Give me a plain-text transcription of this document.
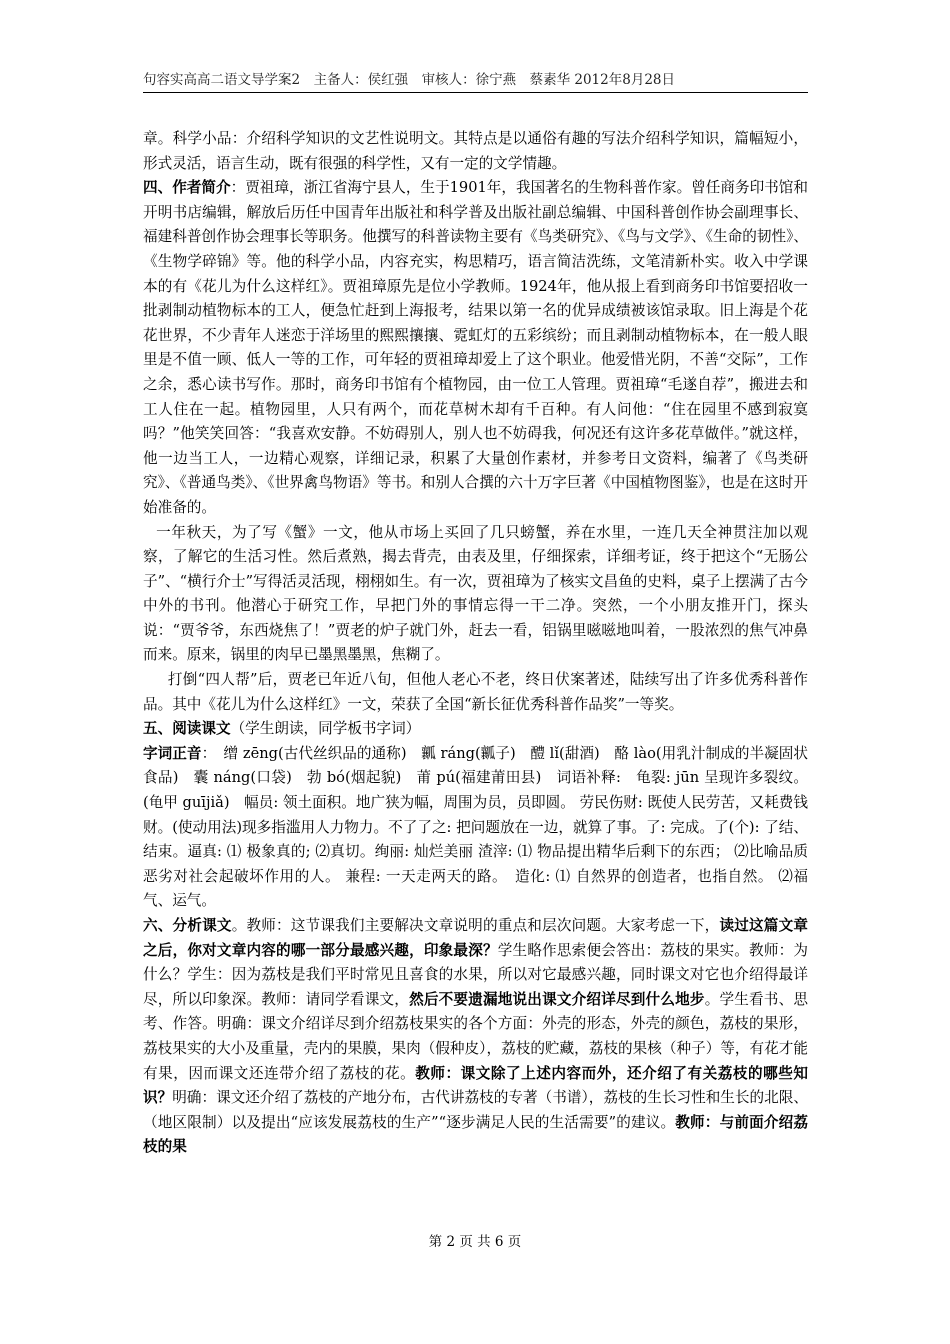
句容实高高二语文导学案2　主备人：侯红强　审核人：徐宁燕　蔡素华 2012年8月28日

章。科学小品：介绍科学知识的文艺性说明文。其特点是以通俗有趣的写法介绍科学知识，篇幅短小，形式灵活，语言生动，既有很强的科学性，又有一定的文学情趣。

四、作者简介：贾祖璋，浙江省海宁县人，生于1901年，我国著名的生物科普作家。曾任商务印书馆和开明书店编辑，解放后历任中国青年出版社和科学普及出版社副总编辑、中国科普创作协会副理事长、福建科普创作协会理事长等职务。他撰写的科普读物主要有《鸟类研究》、《鸟与文学》、《生命的韧性》、《生物学碎锦》等。他的科学小品，内容充实，构思精巧，语言简洁洗练，文笔清新朴实。收入中学课本的有《花儿为什么这样红》。贾祖璋原先是位小学教师。1924年，他从报上看到商务印书馆要招收一批剥制动植物标本的工人，便急忙赶到上海报考，结果以第一名的优异成绩被该馆录取。旧上海是个花花世界，不少青年人迷恋于洋场里的熙熙攘攘、霓虹灯的五彩缤纷；而且剥制动植物标本，在一般人眼里是不值一顾、低人一等的工作，可年轻的贾祖璋却爱上了这个职业。他爱惜光阴，不善“交际”，工作之余，悉心读书写作。那时，商务印书馆有个植物园，由一位工人管理。贾祖璋“毛遂自荐”，搬进去和工人住在一起。植物园里，人只有两个，而花草树木却有千百种。有人问他：“住在园里不感到寂寞吗？”他笑笑回答：“我喜欢安静。不妨碍别人，别人也不妨碍我，何况还有这许多花草做伴。”就这样，他一边当工人，一边精心观察，详细记录，积累了大量创作素材，并参考日文资料，编著了《鸟类研究》、《普通鸟类》、《世界禽鸟物语》等书。和别人合撰的六十万字巨著《中国植物图鉴》，也是在这时开始准备的。

一年秋天，为了写《蟹》一文，他从市场上买回了几只螃蟹，养在水里，一连几天全神贯注加以观察，了解它的生活习性。然后煮熟，揭去背壳，由表及里，仔细探索，详细考证，终于把这个“无肠公子”、“横行介士”写得活灵活现，栩栩如生。有一次，贾祖璋为了核实文昌鱼的史料，桌子上摆满了古今中外的书刊。他潜心于研究工作，早把门外的事情忘得一干二净。突然，一个小朋友推开门，探头说：“贾爷爷，东西烧焦了！”贾老的炉子就门外，赶去一看，铝锅里嗞嗞地叫着，一股浓烈的焦气冲鼻而来。原来，锅里的肉早已墨黑墨黑，焦糊了。

打倒“四人帮”后，贾老已年近八旬，但他人老心不老，终日伏案著述，陆续写出了许多优秀科普作品。其中《花儿为什么这样红》一文，荣获了全国“新长征优秀科普作品奖”一等奖。

五、阅读课文（学生朗读，同学板书字词）

字词正音：　缯 zēng(古代丝织品的通称)　瓤 ráng(瓤子)　醴 lǐ(甜酒)　酪 lào(用乳汁制成的半凝固状食品)　囊 náng(口袋)　勃 bó(烟起貌)　莆 pú(福建莆田县)　词语补释:　龟裂: jūn 呈现许多裂纹。(龟甲 guījiǎ)　幅员: 领土面积。地广狭为幅，周围为员，员即圆。 劳民伤财: 既使人民劳苦，又耗费钱财。(使动用法)现多指滥用人力物力。不了了之: 把问题放在一边，就算了事。了: 完成。了(个): 了结、结束。逼真: ⑴ 极象真的; ⑵真切。绚丽: 灿烂美丽 渣滓: ⑴ 物品提出精华后剩下的东西； ⑵比喻品质恶劣对社会起破坏作用的人。 兼程: 一天走两天的路。　造化: ⑴ 自然界的创造者，也指自然。 ⑵福气、运气。

六、分析课文。教师：这节课我们主要解决文章说明的重点和层次问题。大家考虑一下，读过这篇文章之后，你对文章内容的哪一部分最感兴趣，印象最深？学生略作思索便会答出：荔枝的果实。教师：为什么？学生：因为荔枝是我们平时常见且喜食的水果，所以对它最感兴趣，同时课文对它也介绍得最详尽，所以印象深。教师：请同学看课文，然后不要遗漏地说出课文介绍详尽到什么地步。学生看书、思考、作答。明确：课文介绍详尽到介绍荔枝果实的各个方面：外壳的形态，外壳的颜色，荔枝的果形，荔枝果实的大小及重量，壳内的果膜，果肉（假种皮），荔枝的贮藏，荔枝的果核（种子）等，有花才能有果，因而课文还连带介绍了荔枝的花。教师：课文除了上述内容而外，还介绍了有关荔枝的哪些知识？明确：课文还介绍了荔枝的产地分布，古代讲荔枝的专著（书谱），荔枝的生长习性和生长的北限、（地区限制）以及提出“应该发展荔枝的生产”“逐步满足人民的生活需要”的建议。教师：与前面介绍荔枝的果

第 2 页 共 6 页
